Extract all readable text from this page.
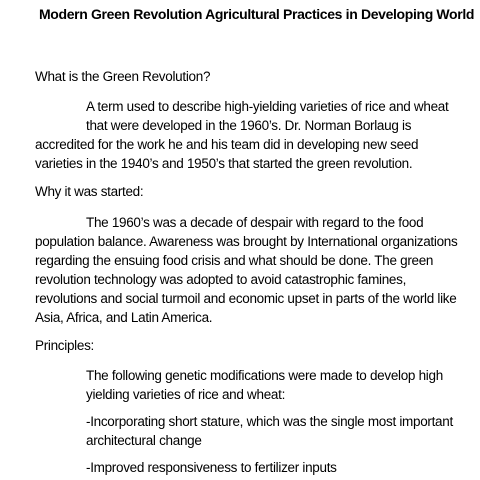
Modern Green Revolution Agricultural Practices in Developing World
What is the Green Revolution?
A term used to describe high-yielding varieties of rice and wheat
that were developed in the 1960’s. Dr. Norman Borlaug is
accredited for the work he and his team did in developing new seed
varieties in the 1940’s and 1950’s that started the green revolution.
Why it was started:
The 1960’s was a decade of despair with regard to the food
population balance. Awareness was brought by International organizations
regarding the ensuing food crisis and what should be done. The green
revolution technology was adopted to avoid catastrophic famines,
revolutions and social turmoil and economic upset in parts of the world like
Asia, Africa, and Latin America.
Principles:
The following genetic modifications were made to develop high
yielding varieties of rice and wheat:
-Incorporating short stature, which was the single most important
architectural change
-Improved responsiveness to fertilizer inputs
